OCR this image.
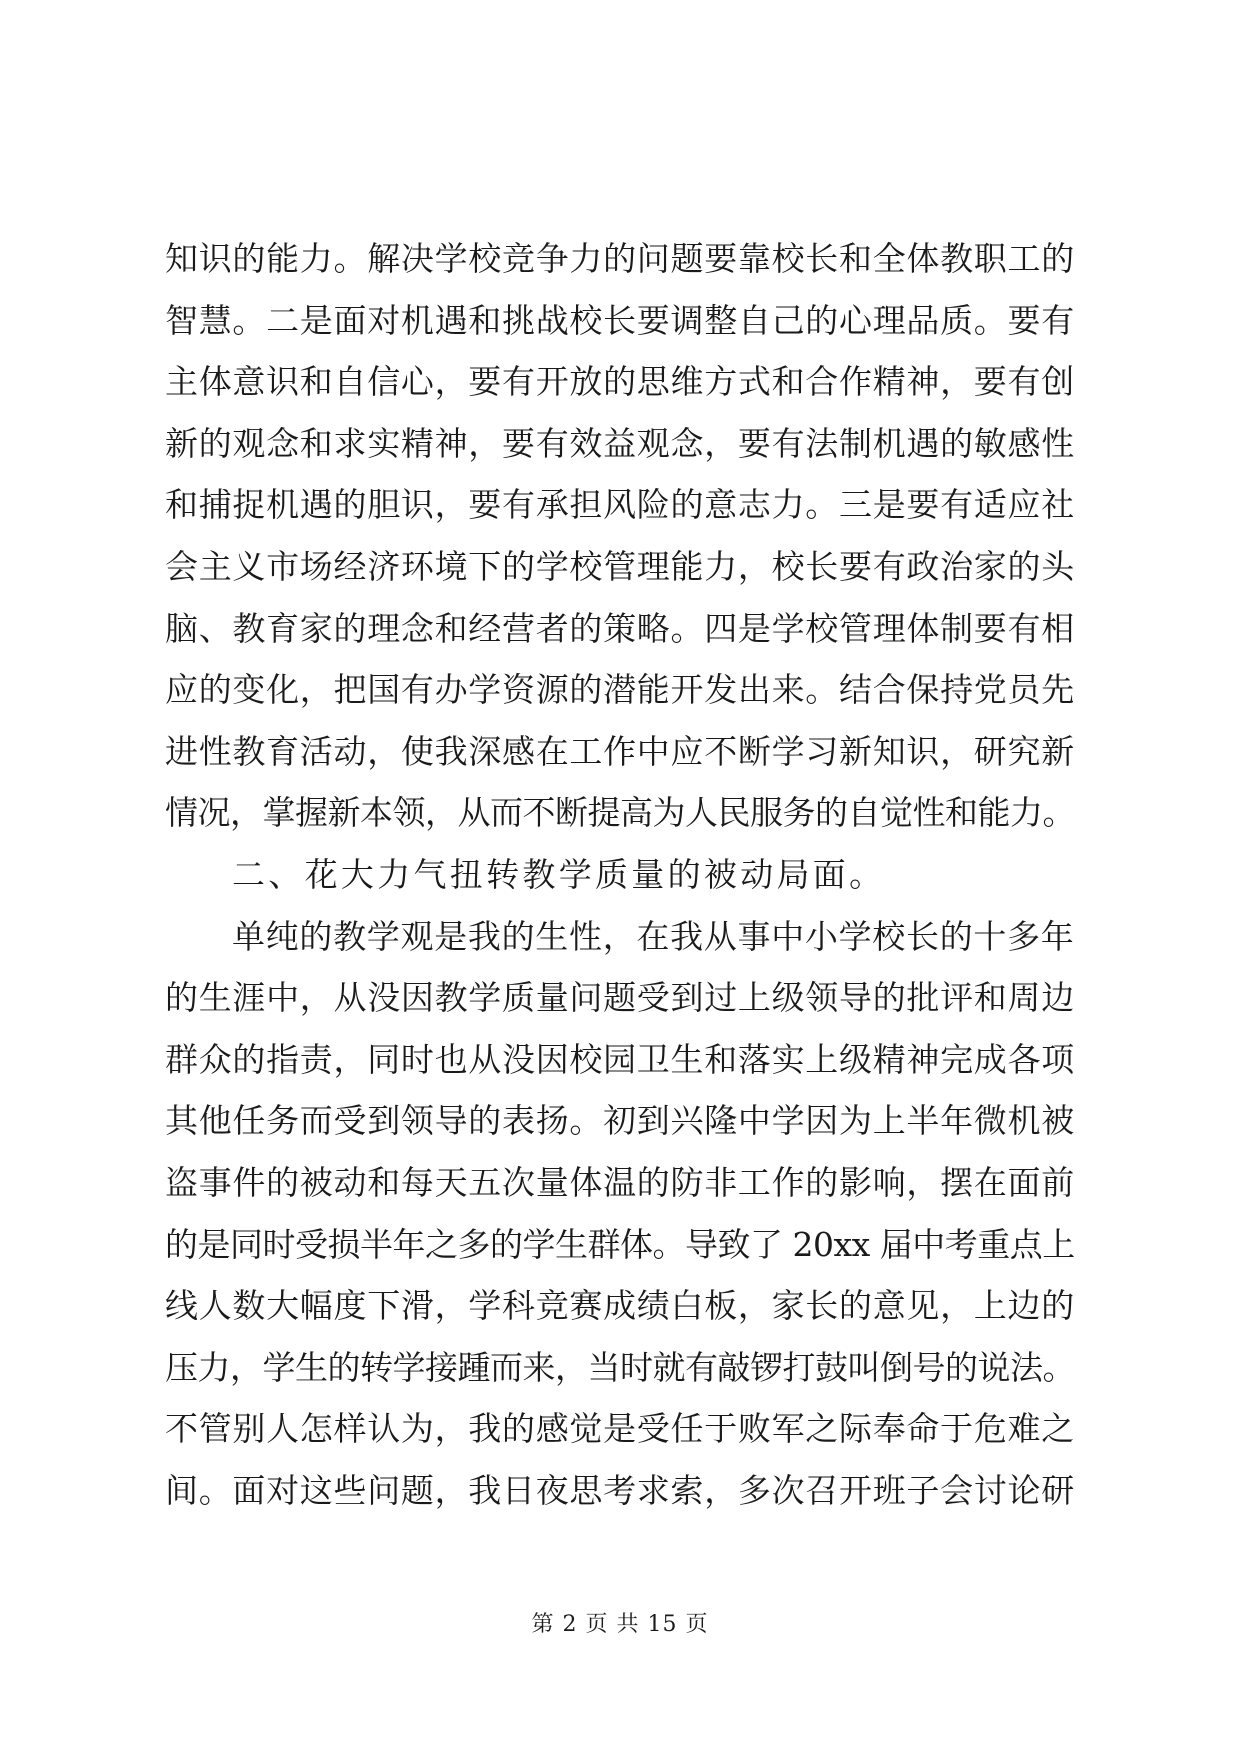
知识的能力。解决学校竞争力的问题要靠校长和全体教职工的
智慧。二是面对机遇和挑战校长要调整自己的心理品质。要有
主体意识和自信心，要有开放的思维方式和合作精神，要有创
新的观念和求实精神，要有效益观念，要有法制机遇的敏感性
和捕捉机遇的胆识，要有承担风险的意志力。三是要有适应社
会主义市场经济环境下的学校管理能力，校长要有政治家的头
脑、教育家的理念和经营者的策略。四是学校管理体制要有相
应的变化，把国有办学资源的潜能开发出来。结合保持党员先
进性教育活动，使我深感在工作中应不断学习新知识，研究新
情况，掌握新本领，从而不断提高为人民服务的自觉性和能力。
二、花大力气扭转教学质量的被动局面。
单纯的教学观是我的生性，在我从事中小学校长的十多年
的生涯中，从没因教学质量问题受到过上级领导的批评和周边
群众的指责，同时也从没因校园卫生和落实上级精神完成各项
其他任务而受到领导的表扬。初到兴隆中学因为上半年微机被
盗事件的被动和每天五次量体温的防非工作的影响，摆在面前
的是同时受损半年之多的学生群体。导致了 20xx 届中考重点上
线人数大幅度下滑，学科竞赛成绩白板，家长的意见，上边的
压力，学生的转学接踵而来，当时就有敲锣打鼓叫倒号的说法。
不管别人怎样认为，我的感觉是受任于败军之际奉命于危难之
间。面对这些问题，我日夜思考求索，多次召开班子会讨论研
第 2 页 共 15 页
